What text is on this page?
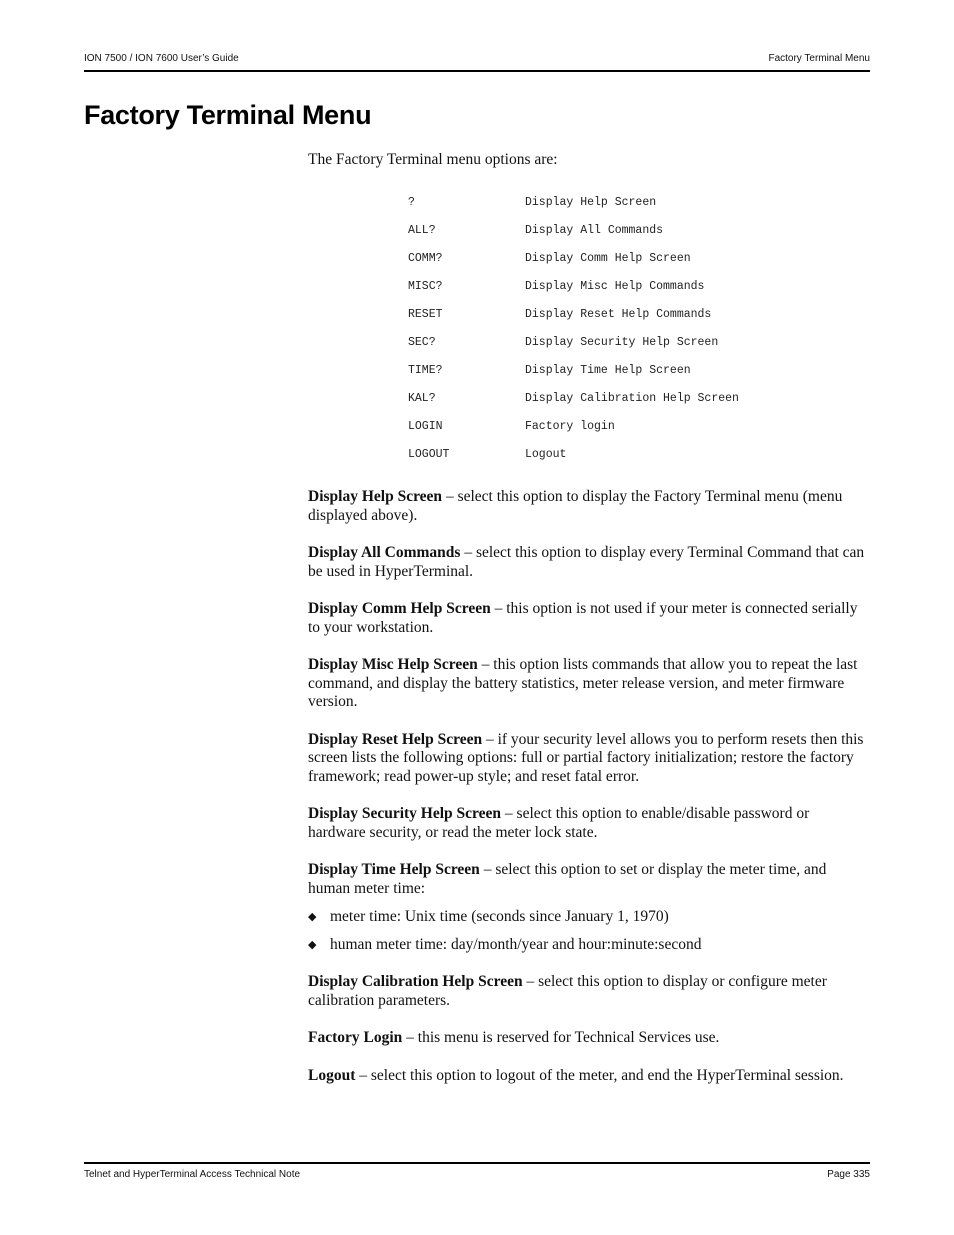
ION 7500 / ION 7600 User’s Guide	Factory Terminal Menu
Factory Terminal Menu
The Factory Terminal menu options are:
?	Display Help Screen
ALL?	Display All Commands
COMM?	Display Comm Help Screen
MISC?	Display Misc Help Commands
RESET	Display Reset Help Commands
SEC?	Display Security Help Screen
TIME?	Display Time Help Screen
KAL?	Display Calibration Help Screen
LOGIN	Factory login
LOGOUT	Logout

Display Help Screen – select this option to display the Factory Terminal menu (menu displayed above).

Display All Commands – select this option to display every Terminal Command that can be used in HyperTerminal.

Display Comm Help Screen – this option is not used if your meter is connected serially to your workstation.

Display Misc Help Screen – this option lists commands that allow you to repeat the last command, and display the battery statistics, meter release version, and meter firmware version.

Display Reset Help Screen – if your security level allows you to perform resets then this screen lists the following options: full or partial factory initialization; restore the factory framework; read power-up style; and reset fatal error.

Display Security Help Screen – select this option to enable/disable password or hardware security, or read the meter lock state.

Display Time Help Screen – select this option to set or display the meter time, and human meter time:

◆ meter time: Unix time (seconds since January 1, 1970)
◆ human meter time: day/month/year and hour:minute:second

Display Calibration Help Screen – select this option to display or configure meter calibration parameters.

Factory Login – this menu is reserved for Technical Services use.

Logout – select this option to logout of the meter, and end the HyperTerminal session.

Telnet and HyperTerminal Access Technical Note	Page 335
